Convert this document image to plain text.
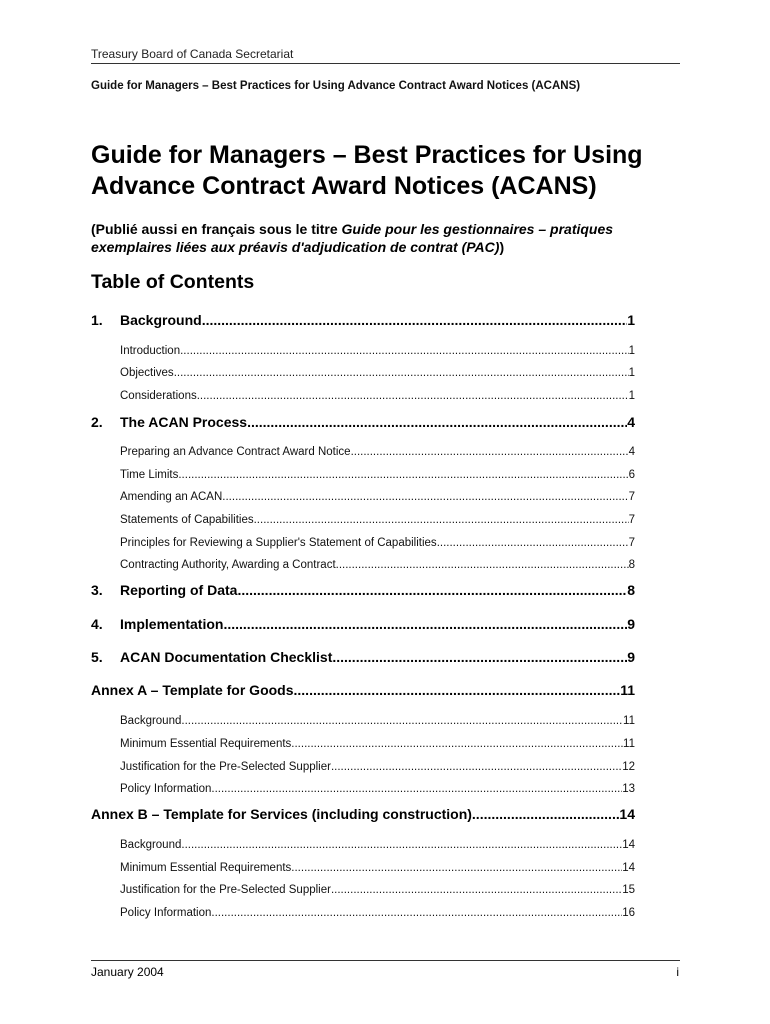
Treasury Board of Canada Secretariat
Guide for Managers – Best Practices for Using Advance Contract Award Notices (ACANS)
Guide for Managers – Best Practices for Using Advance Contract Award Notices (ACANS)
(Publié aussi en français sous le titre Guide pour les gestionnaires – pratiques exemplaires liées aux préavis d'adjudication de contrat (PAC))
Table of Contents
1.	Background .....	1
Introduction .....	1
Objectives .....	1
Considerations .....	1
2.	The ACAN Process .....	4
Preparing an Advance Contract Award Notice .....	4
Time Limits .....	6
Amending an ACAN .....	7
Statements of Capabilities .....	7
Principles for Reviewing a Supplier's Statement of Capabilities .....	7
Contracting Authority, Awarding a Contract .....	8
3.	Reporting of Data .....	8
4.	Implementation .....	9
5.	ACAN Documentation Checklist .....	9
Annex A – Template for Goods .....	11
Background .....	11
Minimum Essential Requirements .....	11
Justification for the Pre-Selected Supplier .....	12
Policy Information .....	13
Annex B – Template for Services (including construction) .....	14
Background .....	14
Minimum Essential Requirements .....	14
Justification for the Pre-Selected Supplier .....	15
Policy Information .....	16
January 2004	i
